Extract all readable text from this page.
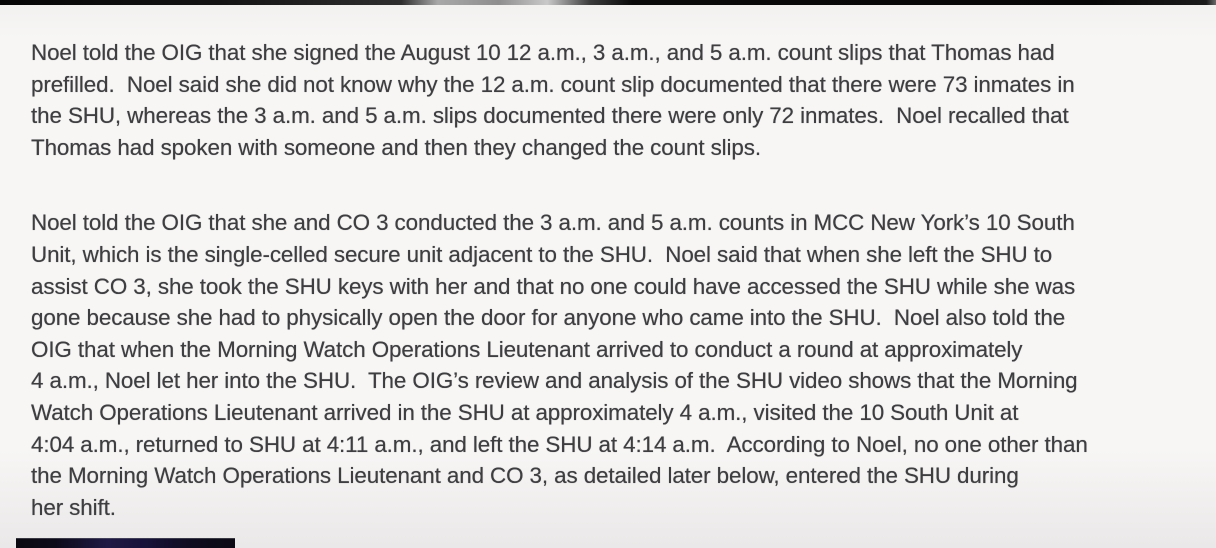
Noel told the OIG that she signed the August 10 12 a.m., 3 a.m., and 5 a.m. count slips that Thomas had
prefilled.  Noel said she did not know why the 12 a.m. count slip documented that there were 73 inmates in
the SHU, whereas the 3 a.m. and 5 a.m. slips documented there were only 72 inmates.  Noel recalled that
Thomas had spoken with someone and then they changed the count slips.
Noel told the OIG that she and CO 3 conducted the 3 a.m. and 5 a.m. counts in MCC New York’s 10 South
Unit, which is the single-celled secure unit adjacent to the SHU.  Noel said that when she left the SHU to
assist CO 3, she took the SHU keys with her and that no one could have accessed the SHU while she was
gone because she had to physically open the door for anyone who came into the SHU.  Noel also told the
OIG that when the Morning Watch Operations Lieutenant arrived to conduct a round at approximately
4 a.m., Noel let her into the SHU.  The OIG’s review and analysis of the SHU video shows that the Morning
Watch Operations Lieutenant arrived in the SHU at approximately 4 a.m., visited the 10 South Unit at
4:04 a.m., returned to SHU at 4:11 a.m., and left the SHU at 4:14 a.m.  According to Noel, no one other than
the Morning Watch Operations Lieutenant and CO 3, as detailed later below, entered the SHU during
her shift.
